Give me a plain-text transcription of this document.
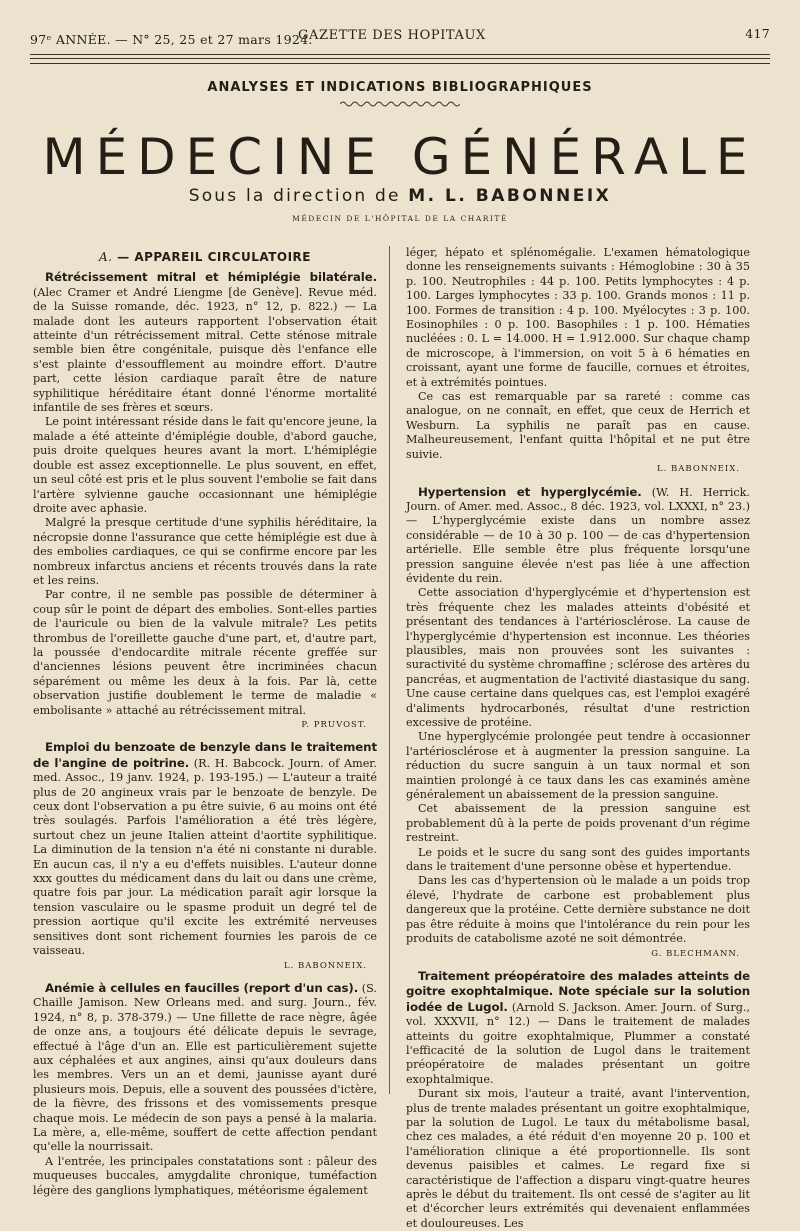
97ᵉ ANNÉE. — N° 25, 25 et 27 mars 1924.
GAZETTE DES HOPITAUX	417
ANALYSES ET INDICATIONS BIBLIOGRAPHIQUES
MÉDECINE GÉNÉRALE
Sous la direction de M. L. BABONNEIX
MÉDECIN DE L'HÔPITAL DE LA CHARITÉ
A. — APPAREIL CIRCULATOIRE

Rétrécissement mitral et hémiplégie bilatérale. (Alec Cramer et André Liengme [de Genève]. Revue méd. de la Suisse romande, déc. 1923, n° 12, p. 822.) — La malade dont les auteurs rapportent l'observation était atteinte d'un rétrécissement mitral. Cette sténose mitrale semble bien être congénitale, puisque dès l'enfance elle s'est plainte d'essoufflement au moindre effort. D'autre part, cette lésion cardiaque paraît être de nature syphilitique héréditaire étant donné l'énorme mortalité infantile de ses frères et sœurs.

Le point intéressant réside dans le fait qu'encore jeune, la malade a été atteinte d'émiplégie double, d'abord gauche, puis droite quelques heures avant la mort. L'hémiplégie double est assez exceptionnelle. Le plus souvent, en effet, un seul côté est pris et le plus souvent l'embolie se fait dans l'artère sylvienne gauche occasionnant une hémiplégie droite avec aphasie.

Malgré la presque certitude d'une syphilis héréditaire, la nécropsie donne l'assurance que cette hémiplégie est due à des embolies cardiaques, ce qui se confirme encore par les nombreux infarctus anciens et récents trouvés dans la rate et les reins.

Par contre, il ne semble pas possible de déterminer à coup sûr le point de départ des embolies. Sont-elles parties de l'auricule ou bien de la valvule mitrale? Les petits thrombus de l'oreillette gauche d'une part, et, d'autre part, la poussée d'endocardite mitrale récente greffée sur d'anciennes lésions peuvent être incriminées chacun séparément ou même les deux à la fois. Par là, cette observation justifie doublement le terme de maladie « embolisante » attaché au rétrécissement mitral.

P. PRUVOST.

Emploi du benzoate de benzyle dans le traitement de l'angine de poitrine. (R. H. Babcock. Journ. of Amer. med. Assoc., 19 janv. 1924, p. 193-195.) — L'auteur a traité plus de 20 angineux vrais par le benzoate de benzyle. De ceux dont l'observation a pu être suivie, 6 au moins ont été très soulagés. Parfois l'amélioration a été très légère, surtout chez un jeune Italien atteint d'aortite syphilitique. La diminution de la tension n'a été ni constante ni durable. En aucun cas, il n'y a eu d'effets nuisibles. L'auteur donne xxx gouttes du médicament dans du lait ou dans une crème, quatre fois par jour. La médication paraît agir lorsque la tension vasculaire ou le spasme produit un degré tel de pression aortique qu'il excite les extrémité nerveuses sensitives dont sont richement fournies les parois de ce vaisseau.

L. BABONNEIX.

Anémie à cellules en faucilles (report d'un cas). (S. Chaille Jamison. New Orleans med. and surg. Journ., fév. 1924, n° 8, p. 378-379.) — Une fillette de race nègre, âgée de onze ans, a toujours été délicate depuis le sevrage, effectué à l'âge d'un an. Elle est particulièrement sujette aux céphalées et aux angines, ainsi qu'aux douleurs dans les membres. Vers un an et demi, jaunisse ayant duré plusieurs mois. Depuis, elle a souvent des poussées d'ictère, de la fièvre, des frissons et des vomissements presque chaque mois. Le médecin de son pays a pensé à la malaria. La mère, a, elle-même, souffert de cette affection pendant qu'elle la nourrissait.

A l'entrée, les principales constatations sont : pâleur des muqueuses buccales, amygdalite chronique, tuméfaction légère des ganglions lymphatiques, météorisme également

léger, hépato et splénomégalie. L'examen hématologique donne les renseignements suivants : Hémoglobine : 30 à 35 p. 100. Neutrophiles : 44 p. 100. Petits lymphocytes : 4 p. 100. Larges lymphocytes : 33 p. 100. Grands monos : 11 p. 100. Formes de transition : 4 p. 100. Myélocytes : 3 p. 100. Eosinophiles : 0 p. 100. Basophiles : 1 p. 100. Hématies nucléées : 0. L = 14.000. H = 1.912.000. Sur chaque champ de microscope, à l'immersion, on voit 5 à 6 hématies en croissant, ayant une forme de faucille, cornues et étroites, et à extrémités pointues.

Ce cas est remarquable par sa rareté : comme cas analogue, on ne connaît, en effet, que ceux de Herrich et Wesburn. La syphilis ne paraît pas en cause. Malheureusement, l'enfant quitta l'hôpital et ne put être suivie.

L. BABONNEIX.

Hypertension et hyperglycémie. (W. H. Herrick. Journ. of Amer. med. Assoc., 8 déc. 1923, vol. LXXXI, n° 23.) — L'hyperglycémie existe dans un nombre assez considérable — de 10 à 30 p. 100 — de cas d'hypertension artérielle. Elle semble être plus fréquente lorsqu'une pression sanguine élevée n'est pas liée à une affection évidente du rein.

Cette association d'hyperglycémie et d'hypertension est très fréquente chez les malades atteints d'obésité et présentant des tendances à l'artériosclérose. La cause de l'hyperglycémie d'hypertension est inconnue. Les théories plausibles, mais non prouvées sont les suivantes : suractivité du système chromaffine ; sclérose des artères du pancréas, et augmentation de l'activité diastasique du sang. Une cause certaine dans quelques cas, est l'emploi exagéré d'aliments hydrocarbonés, résultat d'une restriction excessive de protéine.

Une hyperglycémie prolongée peut tendre à occasionner l'artériosclérose et à augmenter la pression sanguine. La réduction du sucre sanguin à un taux normal et son maintien prolongé à ce taux dans les cas examinés amène généralement un abaissement de la pression sanguine.

Cet abaissement de la pression sanguine est probablement dû à la perte de poids provenant d'un régime restreint.

Le poids et le sucre du sang sont des guides importants dans le traitement d'une personne obèse et hypertendue.

Dans les cas d'hypertension où le malade a un poids trop élevé, l'hydrate de carbone est probablement plus dangereux que la protéine. Cette dernière substance ne doit pas être réduite à moins que l'intolérance du rein pour les produits de catabolisme azoté ne soit démontrée.

G. BLECHMANN.

Traitement préopératoire des malades atteints de goitre exophtalmique. Note spéciale sur la solution iodée de Lugol. (Arnold S. Jackson. Amer. Journ. of Surg., vol. XXXVII, n° 12.) — Dans le traitement de malades atteints du goitre exophtalmique, Plummer a constaté l'efficacité de la solution de Lugol dans le traitement préopératoire de malades présentant un goitre exophtalmique.

Durant six mois, l'auteur a traité, avant l'intervention, plus de trente malades présentant un goitre exophtalmique, par la solution de Lugol. Le taux du métabolisme basal, chez ces malades, a été réduit d'en moyenne 20 p. 100 et l'amélioration clinique a été proportionnelle. Ils sont devenus paisibles et calmes. Le regard fixe si caractéristique de l'affection a disparu vingt-quatre heures après le début du traitement. Ils ont cessé de s'agiter au lit et d'écorcher leurs extrémités qui devenaient enflammées et douloureuses. Les
